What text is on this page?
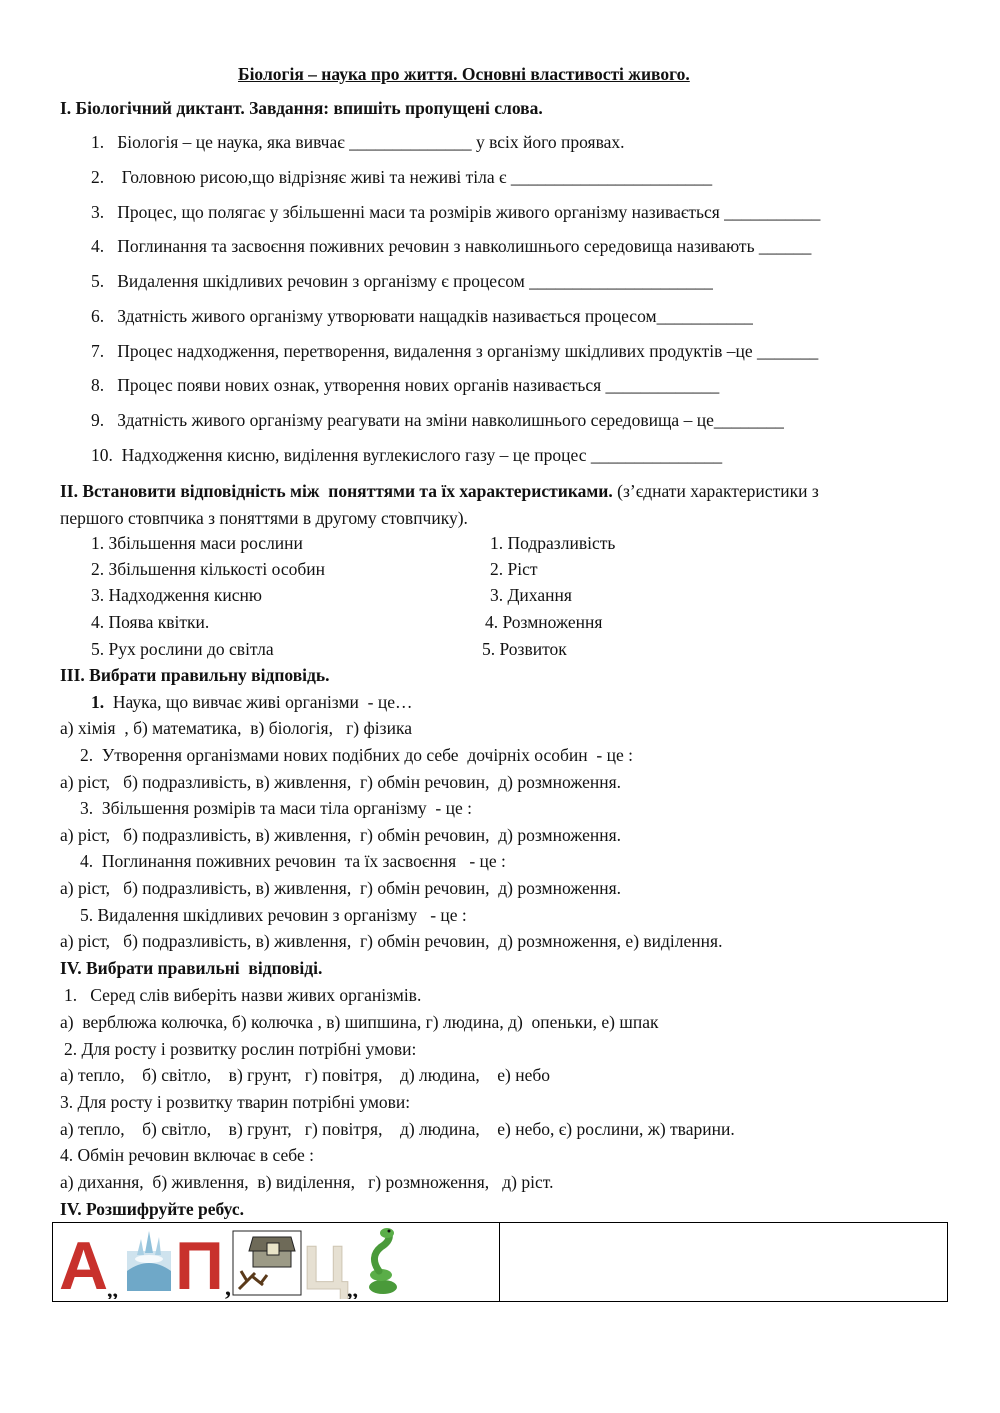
Біологія – наука про життя. Основні властивості живого.
І. Біологічний диктант. Завдання: впишіть пропущені слова.
1.   Біологія – це наука, яка вивчає ______________ у всіх його проявах.
2.    Головною рисою,що відрізняє живі та неживі тіла є _______________________
3.   Процес, що полягає у збільшенні маси та розмірів живого організму називається ___________
4.   Поглинання та засвоєння поживних речовин з навколишнього середовища називають ______
5.   Видалення шкідливих речовин з організму є процесом _____________________
6.   Здатність живого організму утворювати нащадків називається процесом___________
7.   Процес надходження, перетворення, видалення з організму шкідливих продуктів –це _______
8.   Процес появи нових ознак, утворення нових органів називається _____________
9.   Здатність живого організму реагувати на зміни навколишнього середовища – це________
10.  Надходження кисню, виділення вуглекислого газу – це процес _______________
ІІ. Встановити відповідність між  поняттями та їх характеристиками. (з’єднати характеристики з
першого стовпчика з поняттями в другому стовпчику).
1. Збільшення маси рослини
2. Збільшення кількості особин
3. Надходження кисню
4. Поява квітки.
5. Рух рослини до світла
1. Подразливість
2. Ріст
3. Дихання
4. Розмноження
5. Розвиток
ІІІ. Вибрати правильну відповідь.
1.  Наука, що вивчає живі організми  - це…
а) хімія  , б) математика,  в) біологія,   г) фізика
2.  Утворення організмами нових подібних до себе  дочірніх особин  - це :
а) ріст,   б) подразливість, в) живлення,  г) обмін речовин,  д) розмноження.
3.  Збільшення розмірів та маси тіла організму  - це :
а) ріст,   б) подразливість, в) живлення,  г) обмін речовин,  д) розмноження.
4.  Поглинання поживних речовин  та їх засвоєння   - це :
а) ріст,   б) подразливість, в) живлення,  г) обмін речовин,  д) розмноження.
5. Видалення шкідливих речовин з організму   - це :
а) ріст,   б) подразливість, в) живлення,  г) обмін речовин,  д) розмноження, е) виділення.
ІV. Вибрати правильні  відповіді.
1.   Серед слів виберіть назви живих організмів.
а)  верблюжа колючка, б) колючка , в) шипшина, г) людина, д)  опеньки, е) шпак
2. Для росту і розвитку рослин потрібні умови:
а) тепло,    б) світло,    в) грунт,   г) повітря,    д) людина,    е) небо
3. Для росту і розвитку тварин потрібні умови:
а) тепло,    б) світло,    в) грунт,   г) повітря,    д) людина,    е) небо, є) рослини, ж) тварини.
4. Обмін речовин включає в себе :
а) дихання,  б) живлення,  в) виділення,   г) розмноження,   д) ріст.
ІV. Розшифруйте ребус.
А
,, П , Ц
,,
